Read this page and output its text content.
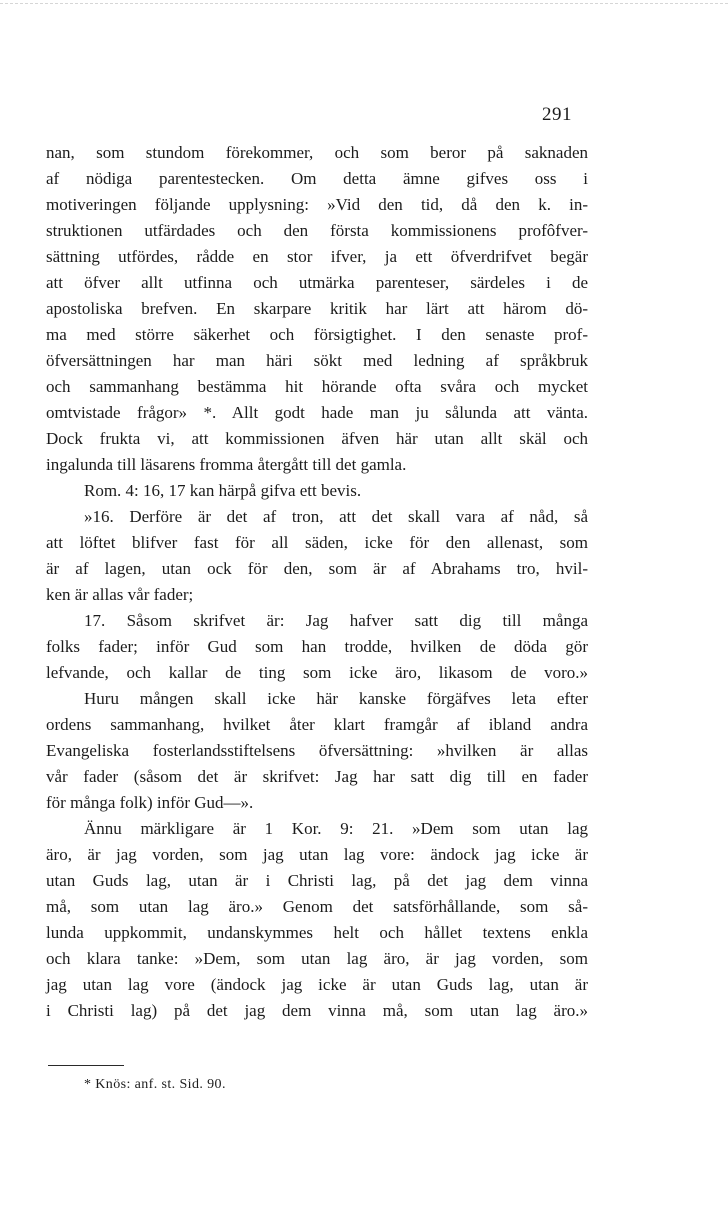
291
nan, som stundom förekommer, och som beror på saknaden
af nödiga parentestecken. Om detta ämne gifves oss i
motiveringen följande upplysning: »Vid den tid, då den k. in-
struktionen utfärdades och den första kommissionens profôfver-
sättning utfördes, rådde en stor ifver, ja ett öfverdrifvet begär
att öfver allt utfinna och utmärka parenteser, särdeles i de
apostoliska brefven. En skarpare kritik har lärt att härom dö-
ma med större säkerhet och försigtighet. I den senaste prof-
öfversättningen har man häri sökt med ledning af språkbruk
och sammanhang bestämma hit hörande ofta svåra och mycket
omtvistade frågor» *. Allt godt hade man ju sålunda att vänta.
Dock frukta vi, att kommissionen äfven här utan allt skäl och
ingalunda till läsarens fromma återgått till det gamla.
Rom. 4: 16, 17 kan härpå gifva ett bevis.
»16. Derföre är det af tron, att det skall vara af nåd, så
att löftet blifver fast för all säden, icke för den allenast, som
är af lagen, utan ock för den, som är af Abrahams tro, hvil-
ken är allas vår fader;
17. Såsom skrifvet är: Jag hafver satt dig till många
folks fader; inför Gud som han trodde, hvilken de döda gör
lefvande, och kallar de ting som icke äro, likasom de voro.»
Huru mången skall icke här kanske förgäfves leta efter
ordens sammanhang, hvilket åter klart framgår af ibland andra
Evangeliska fosterlandsstiftelsens öfversättning: »hvilken är allas
vår fader (såsom det är skrifvet: Jag har satt dig till en fader
för många folk) inför Gud—».
Ännu märkligare är 1 Kor. 9: 21. »Dem som utan lag
äro, är jag vorden, som jag utan lag vore: ändock jag icke är
utan Guds lag, utan är i Christi lag, på det jag dem vinna
må, som utan lag äro.» Genom det satsförhållande, som så-
lunda uppkommit, undanskymmes helt och hållet textens enkla
och klara tanke: »Dem, som utan lag äro, är jag vorden, som
jag utan lag vore (ändock jag icke är utan Guds lag, utan är
i Christi lag) på det jag dem vinna må, som utan lag äro.»
* Knös: anf. st. Sid. 90.
